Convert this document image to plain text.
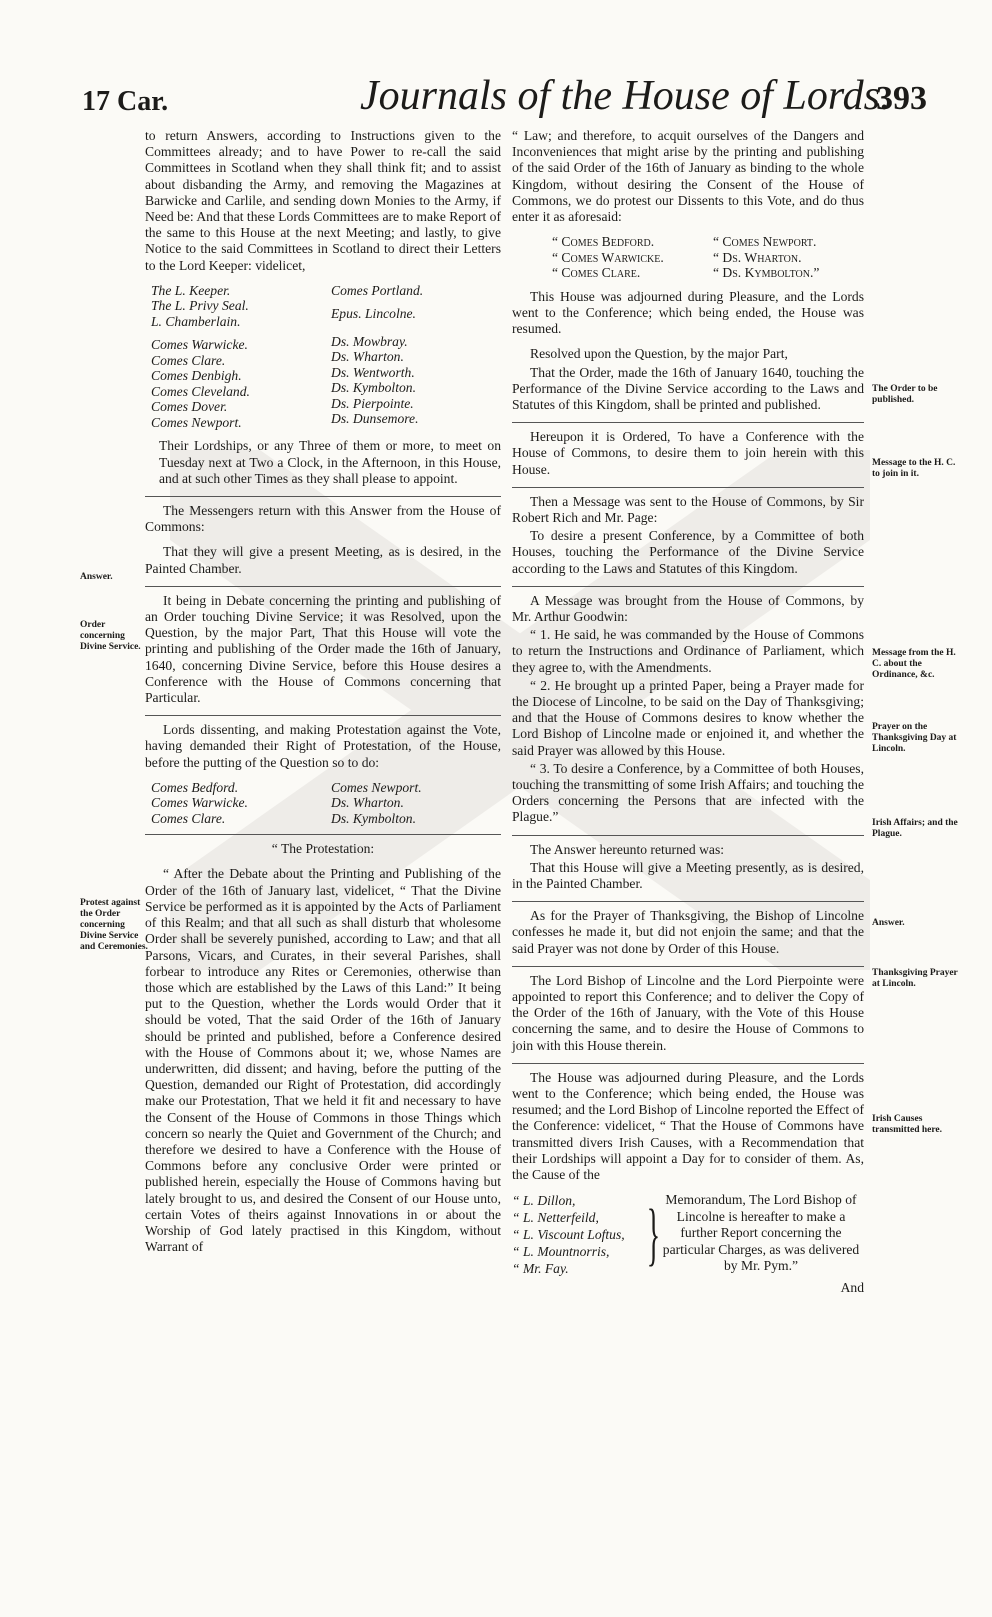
17 Car.	Journals of the House of Lords.
393
Answer.
Order concerning Divine Service.
Protest against the Order concerning Divine Service and Ceremonies.
The Order to be published.
Message to the H. C. to join in it.
Message from the H. C. about the Ordinance, &c.
Prayer on the Thanksgiving Day at Lincoln.
Irish Affairs; and the Plague.
Answer.
Thanksgiving Prayer at Lincoln.
Irish Causes transmitted here.

to return Answers, according to Instructions given to the Committees already; and to have Power to re-call the said Committees in Scotland when they shall think fit; and to assist about disbanding the Army, and removing the Magazines at Barwicke and Carlile, and sending down Monies to the Army, if Need be: And that these Lords Committees are to make Report of the same to this House at the next Meeting; and lastly, to give Notice to the said Committees in Scotland to direct their Letters to the Lord Keeper: videlicet,

The L. Keeper.
The L. Privy Seal.
L. Chamberlain.
Comes Warwicke.
Comes Clare.
Comes Denbigh.
Comes Cleveland.
Comes Dover.
Comes Newport.
Comes Portland.
Epus. Lincolne.
Ds. Mowbray.
Ds. Wharton.
Ds. Wentworth.
Ds. Kymbolton.
Ds. Pierpointe.
Ds. Dunsemore.

Their Lordships, or any Three of them or more, to meet on Tuesday next at Two a Clock, in the Afternoon, in this House, and at such other Times as they shall please to appoint.

The Messengers return with this Answer from the House of Commons:

That they will give a present Meeting, as is desired, in the Painted Chamber.

It being in Debate concerning the printing and publishing of an Order touching Divine Service; it was Resolved, upon the Question, by the major Part, That this House will vote the printing and publishing of the Order made the 16th of January, 1640, concerning Divine Service, before this House desires a Conference with the House of Commons concerning that Particular.

Lords dissenting, and making Protestation against the Vote, having demanded their Right of Protestation, of the House, before the putting of the Question so to do:

Comes Bedford.
Comes Warwicke.
Comes Clare.
Comes Newport.
Ds. Wharton.
Ds. Kymbolton.

“ The Protestation:

“ After the Debate about the Printing and Publishing of the Order of the 16th of January last, videlicet, “ That the Divine Service be performed as it is appointed by the Acts of Parliament of this Realm; and that all such as shall disturb that wholesome Order shall be severely punished, according to Law; and that all Parsons, Vicars, and Curates, in their several Parishes, shall forbear to introduce any Rites or Ceremonies, otherwise than those which are established by the Laws of this Land:” It being put to the Question, whether the Lords would Order that it should be voted, That the said Order of the 16th of January should be printed and published, before a Conference desired with the House of Commons about it; we, whose Names are underwritten, did dissent; and having, before the putting of the Question, demanded our Right of Protestation, did accordingly make our Protestation, That we held it fit and necessary to have the Consent of the House of Commons in those Things which concern so nearly the Quiet and Government of the Church; and therefore we desired to have a Conference with the House of Commons before any conclusive Order were printed or published herein, especially the House of Commons having but lately brought to us, and desired the Consent of our House unto, certain Votes of theirs against Innovations in or about the Worship of God lately practised in this Kingdom, without Warrant of

“ Law; and therefore, to acquit ourselves of the Dangers and Inconveniences that might arise by the printing and publishing of the said Order of the 16th of January as binding to the whole Kingdom, without desiring the Consent of the House of Commons, we do protest our Dissents to this Vote, and do thus enter it as aforesaid:

“ Comes Bedford.
“ Comes Warwicke.
“ Comes Clare.
“ Comes Newport.
“ Ds. Wharton.
“ Ds. Kymbolton.”

This House was adjourned during Pleasure, and the Lords went to the Conference; which being ended, the House was resumed.

Resolved upon the Question, by the major Part,

That the Order, made the 16th of January 1640, touching the Performance of the Divine Service according to the Laws and Statutes of this Kingdom, shall be printed and published.

Hereupon it is Ordered, To have a Conference with the House of Commons, to desire them to join herein with this House.

Then a Message was sent to the House of Commons, by Sir Robert Rich and Mr. Page:

To desire a present Conference, by a Committee of both Houses, touching the Performance of the Divine Service according to the Laws and Statutes of this Kingdom.

A Message was brought from the House of Commons, by Mr. Arthur Goodwin:

“ 1. He said, he was commanded by the House of Commons to return the Instructions and Ordinance of Parliament, which they agree to, with the Amendments.

“ 2. He brought up a printed Paper, being a Prayer made for the Diocese of Lincolne, to be said on the Day of Thanksgiving; and that the House of Commons desires to know whether the Lord Bishop of Lincolne made or enjoined it, and whether the said Prayer was allowed by this House.

“ 3. To desire a Conference, by a Committee of both Houses, touching the transmitting of some Irish Affairs; and touching the Orders concerning the Persons that are infected with the Plague.”

The Answer hereunto returned was:

That this House will give a Meeting presently, as is desired, in the Painted Chamber.

As for the Prayer of Thanksgiving, the Bishop of Lincolne confesses he made it, but did not enjoin the same; and that the said Prayer was not done by Order of this House.

The Lord Bishop of Lincolne and the Lord Pierpointe were appointed to report this Conference; and to deliver the Copy of the Order of the 16th of January, with the Vote of this House concerning the same, and to desire the House of Commons to join with this House therein.

The House was adjourned during Pleasure, and the Lords went to the Conference; which being ended, the House was resumed; and the Lord Bishop of Lincolne reported the Effect of the Conference: videlicet, “ That the House of Commons have transmitted divers Irish Causes, with a Recommendation that their Lordships will appoint a Day for to consider of them. As, the Cause of the

“ L. Dillon,
“ L. Netterfeild,
“ L. Viscount Loftus,
“ L. Mountnorris,
“ Mr. Fay.	} Memorandum, The Lord Bishop of Lincolne is hereafter to make a further Report concerning the particular Charges, as was delivered by Mr. Pym.”
And
